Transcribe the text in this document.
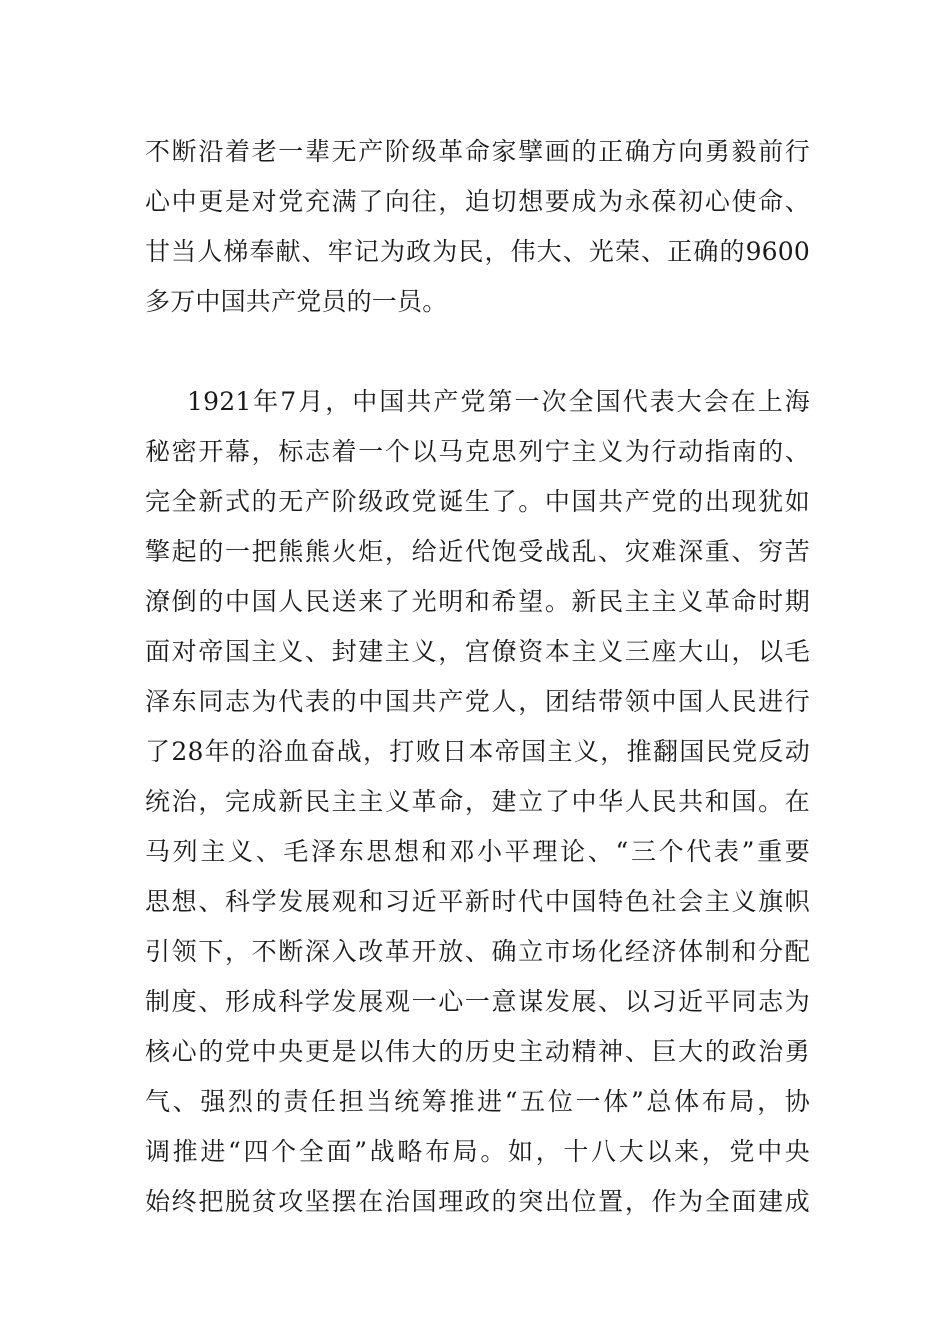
不断沿着老一辈无产阶级革命家擘画的正确方向勇毅前行
心中更是对党充满了向往，迫切想要成为永葆初心使命、
甘当人梯奉献、牢记为政为民，伟大、光荣、正确的9600
多万中国共产党员的一员。
1921年7月，中国共产党第一次全国代表大会在上海
秘密开幕，标志着一个以马克思列宁主义为行动指南的、
完全新式的无产阶级政党诞生了。中国共产党的出现犹如
擎起的一把熊熊火炬，给近代饱受战乱、灾难深重、穷苦
潦倒的中国人民送来了光明和希望。新民主主义革命时期
面对帝国主义、封建主义，宫僚资本主义三座大山，以毛
泽东同志为代表的中国共产党人，团结带领中国人民进行
了28年的浴血奋战，打败日本帝国主义，推翻国民党反动
统治，完成新民主主义革命，建立了中华人民共和国。在
马列主义、毛泽东思想和邓小平理论、“三个代表”重要
思想、科学发展观和习近平新时代中国特色社会主义旗帜
引领下，不断深入改革开放、确立市场化经济体制和分配
制度、形成科学发展观一心一意谋发展、以习近平同志为
核心的党中央更是以伟大的历史主动精神、巨大的政治勇
气、强烈的责任担当统筹推进“五位一体”总体布局，协
调推进“四个全面”战略布局。如，十八大以来，党中央
始终把脱贫攻坚摆在治国理政的突出位置，作为全面建成
